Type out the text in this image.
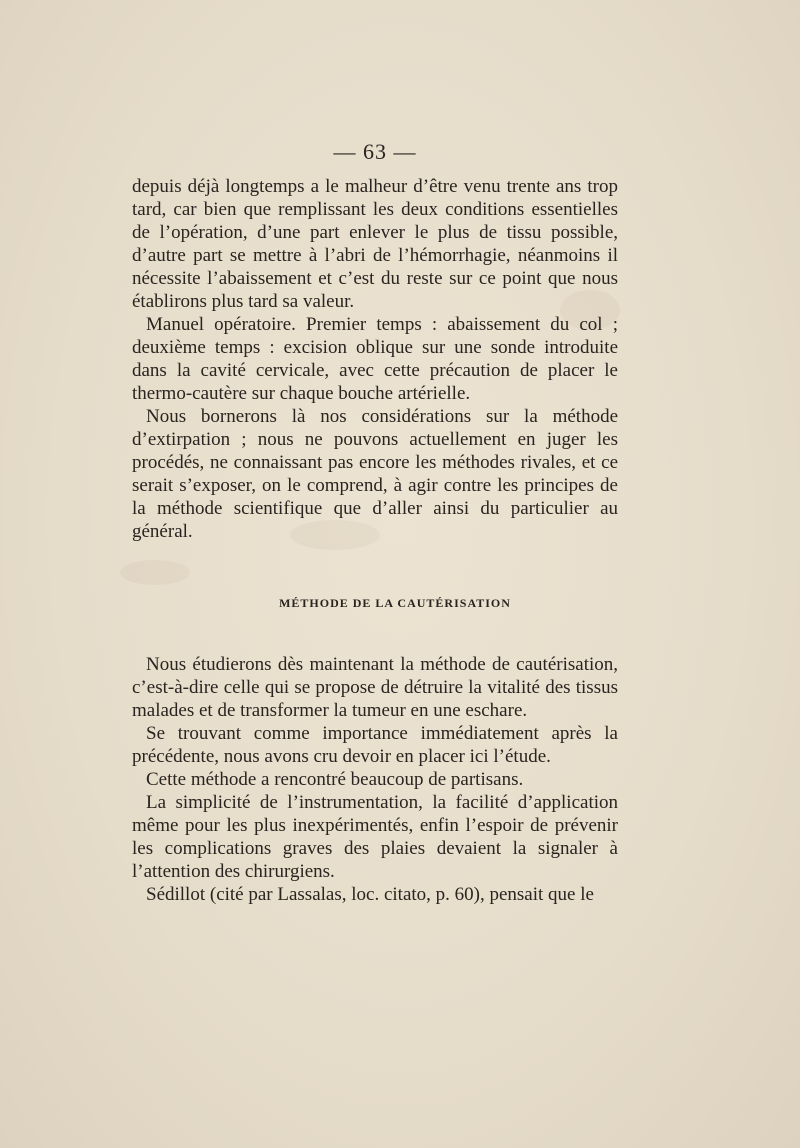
— 63 —

depuis déjà longtemps a le malheur d’être venu trente ans trop tard, car bien que remplissant les deux conditions essentielles de l’opération, d’une part enlever le plus de tissu possible, d’autre part se mettre à l’abri de l’hémorrhagie, néanmoins il nécessite l’abaissement et c’est du reste sur ce point que nous établirons plus tard sa valeur.

Manuel opératoire. Premier temps : abaissement du col ; deuxième temps : excision oblique sur une sonde introduite dans la cavité cervicale, avec cette précaution de placer le thermo-cautère sur chaque bouche artérielle.

Nous bornerons là nos considérations sur la méthode d’extirpation ; nous ne pouvons actuellement en juger les procédés, ne connaissant pas encore les méthodes rivales, et ce serait s’exposer, on le comprend, à agir contre les principes de la méthode scientifique que d’aller ainsi du particulier au général.

MÉTHODE DE LA CAUTÉRISATION

Nous étudierons dès maintenant la méthode de cautérisation, c’est-à-dire celle qui se propose de détruire la vitalité des tissus malades et de transformer la tumeur en une eschare.

Se trouvant comme importance immédiatement après la précédente, nous avons cru devoir en placer ici l’étude.

Cette méthode a rencontré beaucoup de partisans.

La simplicité de l’instrumentation, la facilité d’application même pour les plus inexpérimentés, enfin l’espoir de prévenir les complications graves des plaies devaient la signaler à l’attention des chirurgiens.

Sédillot (cité par Lassalas, loc. citato, p. 60), pensait que le
